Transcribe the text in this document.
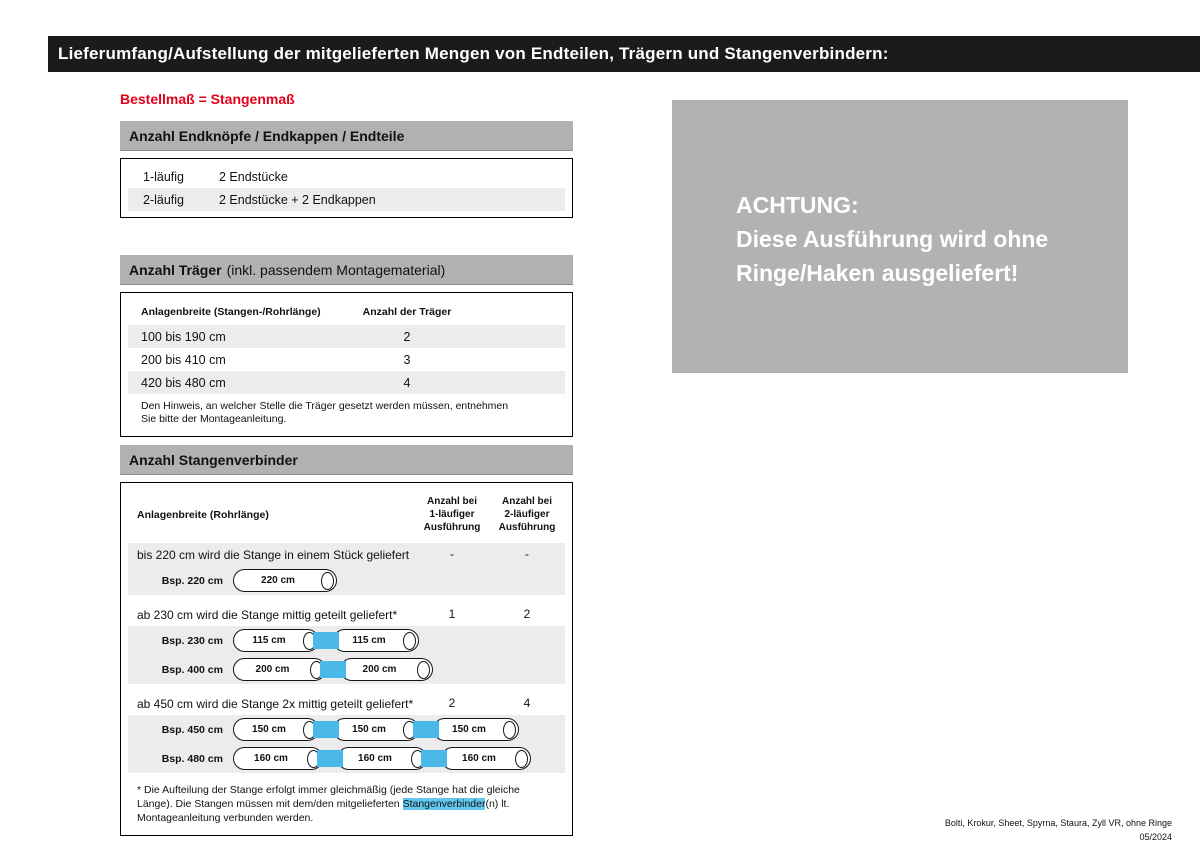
Lieferumfang/Aufstellung der mitgelieferten Mengen von Endteilen, Trägern und Stangenverbindern:
Bestellmaß = Stangenmaß
Anzahl Endknöpfe / Endkappen / Endteile
1-läufig	2 Endstücke
2-läufig	2 Endstücke + 2 Endkappen
Anzahl Träger (inkl. passendem Montagematerial)
Anlagenbreite (Stangen-/Rohrlänge)	Anzahl der Träger
100 bis 190 cm	2
200 bis 410 cm	3
420 bis 480 cm	4
Den Hinweis, an welcher Stelle die Träger gesetzt werden müssen, entnehmen Sie bitte der Montageanleitung.
Anzahl Stangenverbinder
Anlagenbreite (Rohrlänge)
Anzahl bei
1-läufiger
Ausführung
Anzahl bei
2-läufiger
Ausführung
bis 220 cm wird die Stange in einem Stück geliefert	-	-
Bsp. 220 cm	220 cm
ab 230 cm wird die Stange mittig geteilt geliefert*	1	2
Bsp. 230 cm	115 cm	115 cm
Bsp. 400 cm	200 cm	200 cm
ab 450 cm wird die Stange 2x mittig geteilt geliefert*	2	4
Bsp. 450 cm	150 cm	150 cm	150 cm
Bsp. 480 cm	160 cm	160 cm	160 cm
* Die Aufteilung der Stange erfolgt immer gleichmäßig (jede Stange hat die gleiche Länge). Die Stangen müssen mit dem/den mitgelieferten Stangenverbinder(n) lt. Montageanleitung verbunden werden.
ACHTUNG:
Diese Ausführung wird ohne
Ringe/Haken ausgeliefert!
Bolti, Krokur, Sheet, Spyrna, Staura, Zyll VR, ohne Ringe
05/2024
